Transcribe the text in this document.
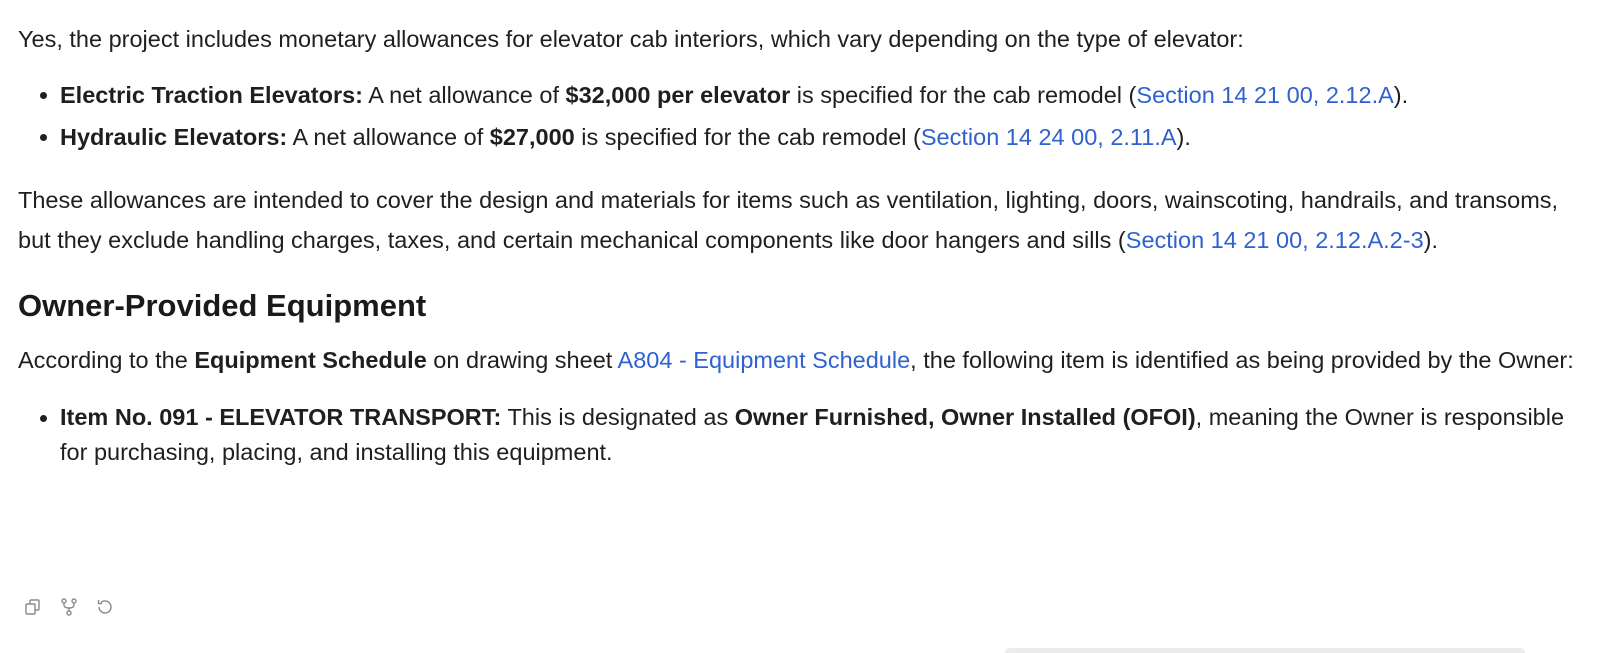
Yes, the project includes monetary allowances for elevator cab interiors, which vary depending on the type of elevator:

Electric Traction Elevators: A net allowance of $32,000 per elevator is specified for the cab remodel (Section 14 21 00, 2.12.A).
Hydraulic Elevators: A net allowance of $27,000 is specified for the cab remodel (Section 14 24 00, 2.11.A).

These allowances are intended to cover the design and materials for items such as ventilation, lighting, doors, wainscoting, handrails, and transoms, but they exclude handling charges, taxes, and certain mechanical components like door hangers and sills (Section 14 21 00, 2.12.A.2-3).

Owner-Provided Equipment

According to the Equipment Schedule on drawing sheet A804 - Equipment Schedule, the following item is identified as being provided by the Owner:

Item No. 091 - ELEVATOR TRANSPORT: This is designated as Owner Furnished, Owner Installed (OFOI), meaning the Owner is responsible for purchasing, placing, and installing this equipment.
